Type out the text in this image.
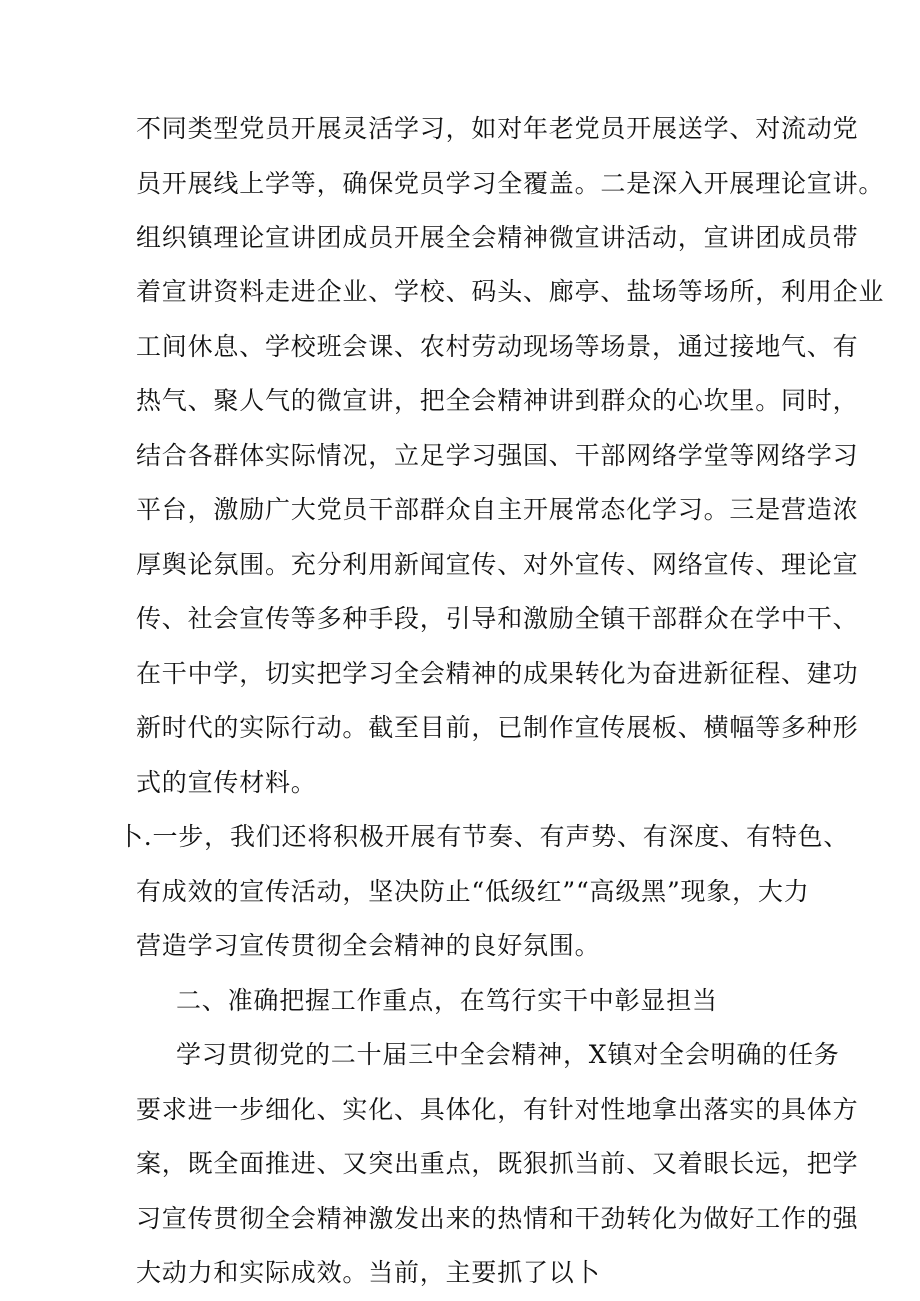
不同类型党员开展灵活学习，如对年老党员开展送学、对流动党
员开展线上学等，确保党员学习全覆盖。二是深入开展理论宣讲。
组织镇理论宣讲团成员开展全会精神微宣讲活动，宣讲团成员带
着宣讲资料走进企业、学校、码头、廊亭、盐场等场所，利用企业
工间休息、学校班会课、农村劳动现场等场景，通过接地气、有
热气、聚人气的微宣讲，把全会精神讲到群众的心坎里。同时，
结合各群体实际情况，立足学习强国、干部网络学堂等网络学习
平台，激励广大党员干部群众自主开展常态化学习。三是营造浓
厚舆论氛围。充分利用新闻宣传、对外宣传、网络宣传、理论宣
传、社会宣传等多种手段，引导和激励全镇干部群众在学中干、
在干中学，切实把学习全会精神的成果转化为奋进新征程、建功
新时代的实际行动。截至目前，已制作宣传展板、横幅等多种形
式的宣传材料。
卜.一步，我们还将积极开展有节奏、有声势、有深度、有特色、
有成效的宣传活动，坚决防止“低级红”“高级黑”现象，大力
营造学习宣传贯彻全会精神的良好氛围。
二、准确把握工作重点，在笃行实干中彰显担当
学习贯彻党的二十届三中全会精神，X镇对全会明确的任务
要求进一步细化、实化、具体化，有针对性地拿出落实的具体方
案，既全面推进、又突出重点，既狠抓当前、又着眼长远，把学
习宣传贯彻全会精神激发出来的热情和干劲转化为做好工作的强
大动力和实际成效。当前，主要抓了以卜
